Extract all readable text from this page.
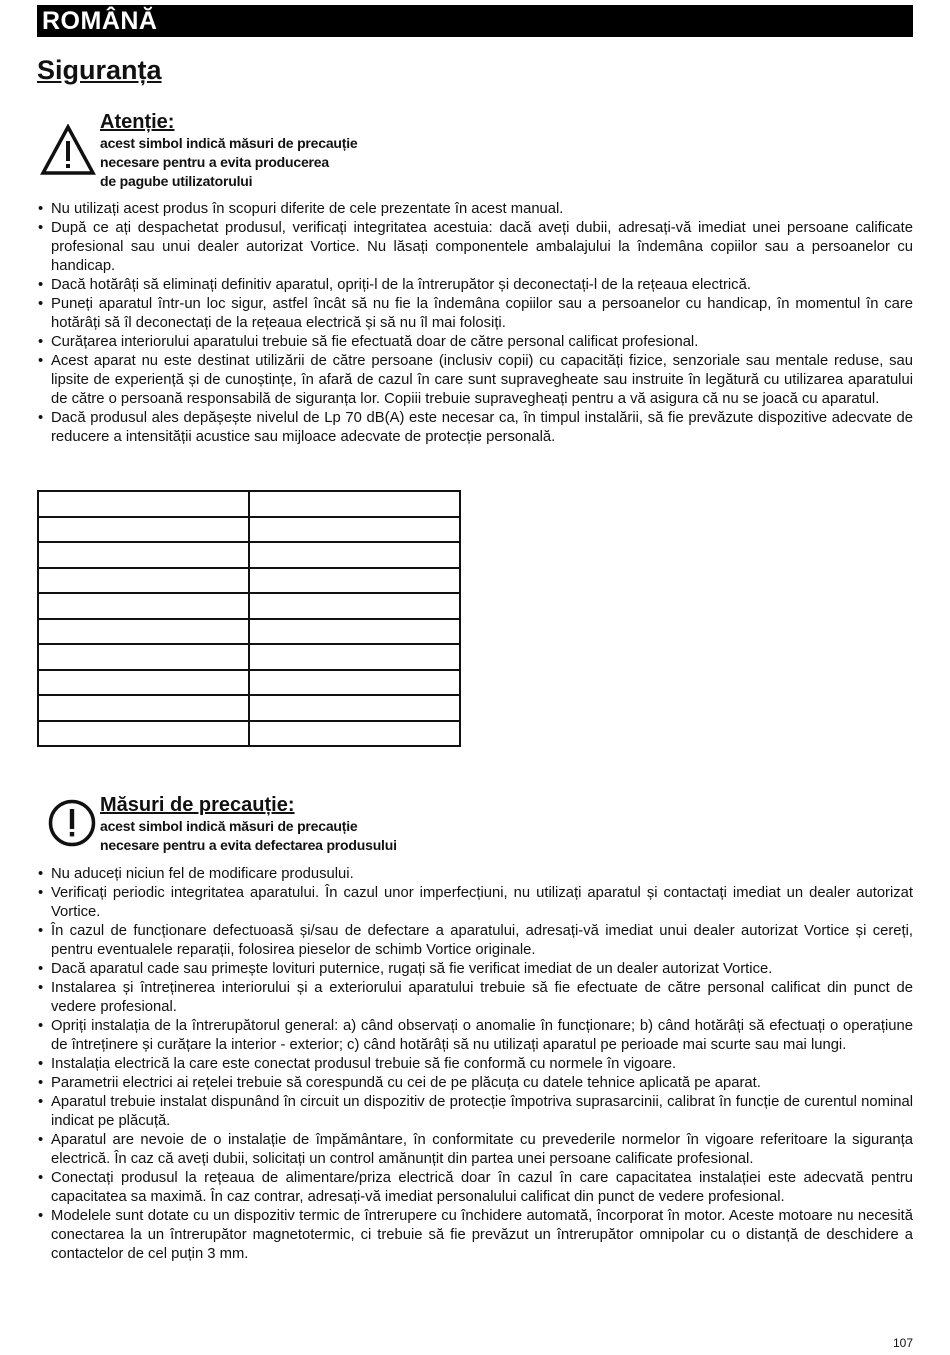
ROMÂNĂ
Siguranța
Atenție:
acest simbol indică măsuri de precauție
necesare pentru a evita producerea
de pagube utilizatorului
• Nu utilizați acest produs în scopuri diferite de cele prezentate în acest manual.
• După ce ați despachetat produsul, verificați integritatea acestuia: dacă aveți dubii, adresați-vă imediat unei persoane calificate profesional sau unui dealer autorizat Vortice. Nu lăsați componentele ambalajului la îndemâna copiilor sau a persoanelor cu handicap.
• Dacă hotărâți să eliminați definitiv aparatul, opriți-l de la întrerupător și deconectați-l de la rețeaua electrică.
• Puneți aparatul într-un loc sigur, astfel încât să nu fie la îndemâna copiilor sau a persoanelor cu handicap, în momentul în care hotărâți să îl deconectați de la rețeaua electrică și să nu îl mai folosiți.
• Curățarea interiorului aparatului trebuie să fie efectuată doar de către personal calificat profesional.
• Acest aparat nu este destinat utilizării de către persoane (inclusiv copii) cu capacități fizice, senzoriale sau mentale reduse, sau lipsite de experiență și de cunoștințe, în afară de cazul în care sunt supravegheate sau instruite în legătură cu utilizarea aparatului de către o persoană responsabilă de siguranța lor. Copiii trebuie supravegheați pentru a vă asigura că nu se joacă cu aparatul.
• Dacă produsul ales depășește nivelul de Lp 70 dB(A) este necesar ca, în timpul instalării, să fie prevăzute dispozitive adecvate de reducere a intensității acustice sau mijloace adecvate de protecție personală.

Măsuri de precauție:
acest simbol indică măsuri de precauție
necesare pentru a evita defectarea produsului
• Nu aduceți niciun fel de modificare produsului.
• Verificați periodic integritatea aparatului. În cazul unor imperfecțiuni, nu utilizați aparatul și contactați imediat un dealer autorizat Vortice.
• În cazul de funcționare defectuoasă și/sau de defectare a aparatului, adresați-vă imediat unui dealer autorizat Vortice și cereți, pentru eventualele reparații, folosirea pieselor de schimb Vortice originale.
• Dacă aparatul cade sau primește lovituri puternice, rugați să fie verificat imediat de un dealer autorizat Vortice.
• Instalarea și întreținerea interiorului și a exteriorului aparatului trebuie să fie efectuate de către personal calificat din punct de vedere profesional.
• Opriți instalația de la întrerupătorul general: a) când observați o anomalie în funcționare; b) când hotărâți să efectuați o operațiune de întreținere și curățare la interior - exterior; c) când hotărâți să nu utilizați aparatul pe perioade mai scurte sau mai lungi.
• Instalația electrică la care este conectat produsul trebuie să fie conformă cu normele în vigoare.
• Parametrii electrici ai rețelei trebuie să corespundă cu cei de pe plăcuța cu datele tehnice aplicată pe aparat.
• Aparatul trebuie instalat dispunând în circuit un dispozitiv de protecție împotriva suprasarcinii, calibrat în funcție de curentul nominal indicat pe plăcuță.
• Aparatul are nevoie de o instalație de împământare, în conformitate cu prevederile normelor în vigoare referitoare la siguranța electrică. În caz că aveți dubii, solicitați un control amănunțit din partea unei persoane calificate profesional.
• Conectați produsul la rețeaua de alimentare/priza electrică doar în cazul în care capacitatea instalației este adecvată pentru capacitatea sa maximă. În caz contrar, adresați-vă imediat personalului calificat din punct de vedere profesional.
• Modelele sunt dotate cu un dispozitiv termic de întrerupere cu închidere automată, încorporat în motor. Aceste motoare nu necesită conectarea la un întrerupător magnetotermic, ci trebuie să fie prevăzut un întrerupător omnipolar cu o distanță de deschidere a contactelor de cel puțin 3 mm.
107
